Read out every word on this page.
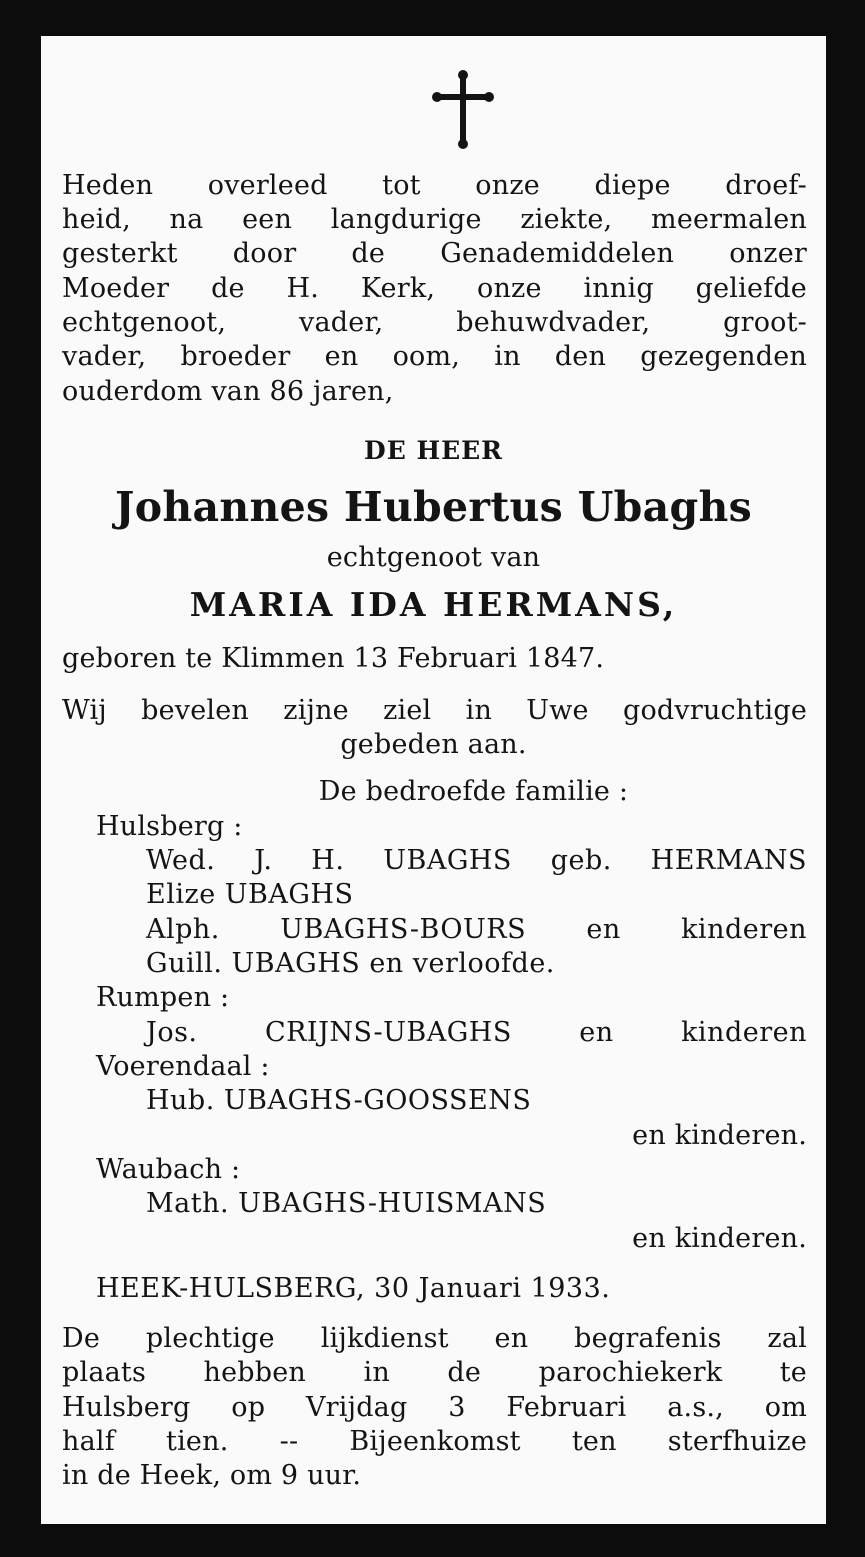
Heden overleed tot onze diepe droef-
heid, na een langdurige ziekte, meermalen
gesterkt door de Genademiddelen onzer
Moeder de H. Kerk, onze innig geliefde
echtgenoot, vader, behuwdvader, groot-
vader, broeder en oom, in den gezegenden
ouderdom van 86 jaren,
DE HEER
Johannes Hubertus Ubaghs
echtgenoot van
MARIA IDA HERMANS,
geboren te Klimmen 13 Februari 1847.
Wij bevelen zijne ziel in Uwe godvruchtige
gebeden aan.
De bedroefde familie :
Hulsberg :
Wed. J. H. UBAGHS geb. HERMANS
Elize UBAGHS
Alph. UBAGHS-BOURS en kinderen
Guill. UBAGHS en verloofde.
Rumpen :
Jos. CRIJNS-UBAGHS en kinderen
Voerendaal :
Hub. UBAGHS-GOOSSENS
en kinderen.
Waubach :
Math. UBAGHS-HUISMANS
en kinderen.
HEEK-HULSBERG, 30 Januari 1933.
De plechtige lijkdienst en begrafenis zal
plaats hebben in de parochiekerk te
Hulsberg op Vrijdag 3 Februari a.s., om
half tien. -- Bijeenkomst ten sterfhuize
in de Heek, om 9 uur.
